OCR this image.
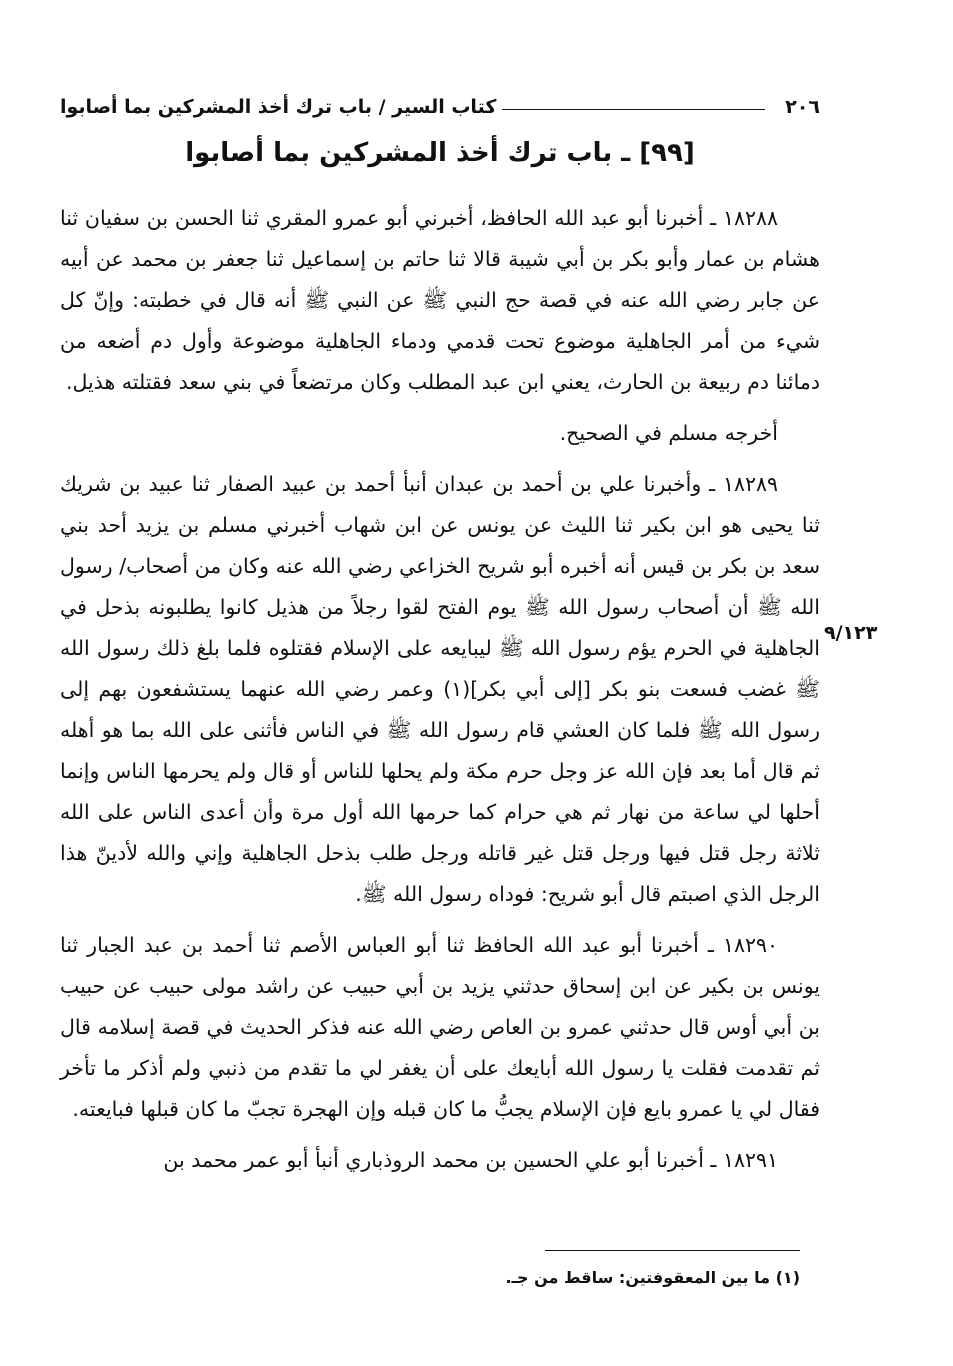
٢٠٦
كتاب السير / باب ترك أخذ المشركين بما أصابوا
[٩٩] ـ باب ترك أخذ المشركين بما أصابوا

١٨٢٨٨ ـ أخبرنا أبو عبد الله الحافظ، أخبرني أبو عمرو المقري ثنا الحسن بن سفيان ثنا هشام بن عمار وأبو بكر بن أبي شيبة قالا ثنا حاتم بن إسماعيل ثنا جعفر بن محمد عن أبيه عن جابر رضي الله عنه في قصة حج النبي ﷺ عن النبي ﷺ أنه قال في خطبته: وإنّ كل شيء من أمر الجاهلية موضوع تحت قدمي ودماء الجاهلية موضوعة وأول دم أضعه من دمائنا دم ربيعة بن الحارث، يعني ابن عبد المطلب وكان مرتضعاً في بني سعد فقتلته هذيل.

أخرجه مسلم في الصحيح.

١٨٢٨٩ ـ وأخبرنا علي بن أحمد بن عبدان أنبأ أحمد بن عبيد الصفار ثنا عبيد بن شريك ثنا يحيى هو ابن بكير ثنا الليث عن يونس عن ابن شهاب أخبرني مسلم بن يزيد أحد بني سعد بن بكر بن قيس أنه أخبره أبو شريح الخزاعي رضي الله عنه وكان من أصحاب/ رسول الله ﷺ أن أصحاب رسول الله ﷺ يوم الفتح لقوا رجلاً من هذيل كانوا يطلبونه بذحل في الجاهلية في الحرم يؤم رسول الله ﷺ ليبايعه على الإسلام فقتلوه فلما بلغ ذلك رسول الله ﷺ غضب فسعت بنو بكر [إلى أبي بكر](١) وعمر رضي الله عنهما يستشفعون بهم إلى رسول الله ﷺ فلما كان العشي قام رسول الله ﷺ في الناس فأثنى على الله بما هو أهله ثم قال أما بعد فإن الله عز وجل حرم مكة ولم يحلها للناس أو قال ولم يحرمها الناس وإنما أحلها لي ساعة من نهار ثم هي حرام كما حرمها الله أول مرة وأن أعدى الناس على الله ثلاثة رجل قتل فيها ورجل قتل غير قاتله ورجل طلب بذحل الجاهلية وإني والله لأدينّ هذا الرجل الذي اصبتم قال أبو شريح: فوداه رسول الله ﷺ.

١٨٢٩٠ ـ أخبرنا أبو عبد الله الحافظ ثنا أبو العباس الأصم ثنا أحمد بن عبد الجبار ثنا يونس بن بكير عن ابن إسحاق حدثني يزيد بن أبي حبيب عن راشد مولى حبيب عن حبيب بن أبي أوس قال حدثني عمرو بن العاص رضي الله عنه فذكر الحديث في قصة إسلامه قال ثم تقدمت فقلت يا رسول الله أبايعك على أن يغفر لي ما تقدم من ذنبي ولم أذكر ما تأخر فقال لي يا عمرو بايع فإن الإسلام يجبُّ ما كان قبله وإن الهجرة تجبّ ما كان قبلها فبايعته.

١٨٢٩١ ـ أخبرنا أبو علي الحسين بن محمد الروذباري أنبأ أبو عمر محمد بن

٩/١٢٣
(١) ما بين المعقوفتين: ساقط من جـ.
